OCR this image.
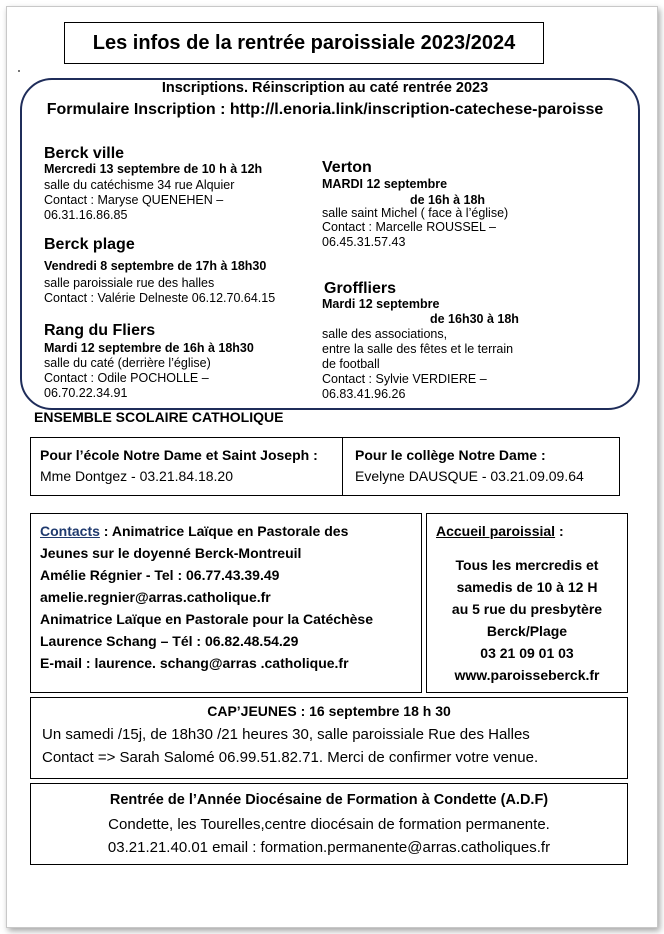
Les infos de la rentrée paroissiale 2023/2024
Inscriptions. Réinscription au caté rentrée 2023
Formulaire Inscription : http://l.enoria.link/inscription-catechese-paroisse
Berck ville
Mercredi 13 septembre de 10 h à 12h
salle du catéchisme 34 rue Alquier
Contact : Maryse QUENEHEN –
06.31.16.86.85
Berck plage
Vendredi 8 septembre de 17h à 18h30
salle paroissiale rue des halles
Contact : Valérie Delneste 06.12.70.64.15
Rang du Fliers
Mardi 12 septembre de 16h à 18h30
salle du caté (derrière l’église)
Contact : Odile POCHOLLE –
06.70.22.34.91
Verton
MARDI 12 septembre
de 16h à 18h
salle saint Michel ( face à l’église)
Contact : Marcelle ROUSSEL –
06.45.31.57.43
Groffliers
Mardi 12 septembre
de 16h30 à 18h
salle des associations,
entre la salle des fêtes et le terrain
de football
Contact : Sylvie VERDIERE –
06.83.41.96.26
ENSEMBLE SCOLAIRE CATHOLIQUE
Pour l’école Notre Dame et Saint Joseph :
Mme Dontgez - 03.21.84.18.20
Pour le collège Notre Dame :
Evelyne DAUSQUE - 03.21.09.09.64
Contacts : Animatrice Laïque en Pastorale des
Jeunes sur le doyenné Berck-Montreuil
Amélie Régnier - Tel : 06.77.43.39.49
amelie.regnier@arras.catholique.fr
Animatrice Laïque en Pastorale pour la Catéchèse
Laurence Schang – Tél : 06.82.48.54.29
E-mail : laurence. schang@arras .catholique.fr
Accueil paroissial :
Tous les mercredis et
samedis de 10 à 12 H
au 5 rue du presbytère
Berck/Plage
03 21 09 01 03
www.paroisseberck.fr
CAP’JEUNES : 16 septembre 18 h 30
Un samedi /15j, de 18h30 /21 heures 30, salle paroissiale Rue des Halles
Contact => Sarah Salomé 06.99.51.82.71. Merci de confirmer votre venue.
Rentrée de l’Année Diocésaine de Formation à Condette (A.D.F)
Condette, les Tourelles,centre diocésain de formation permanente.
03.21.21.40.01 email : formation.permanente@arras.catholiques.fr
